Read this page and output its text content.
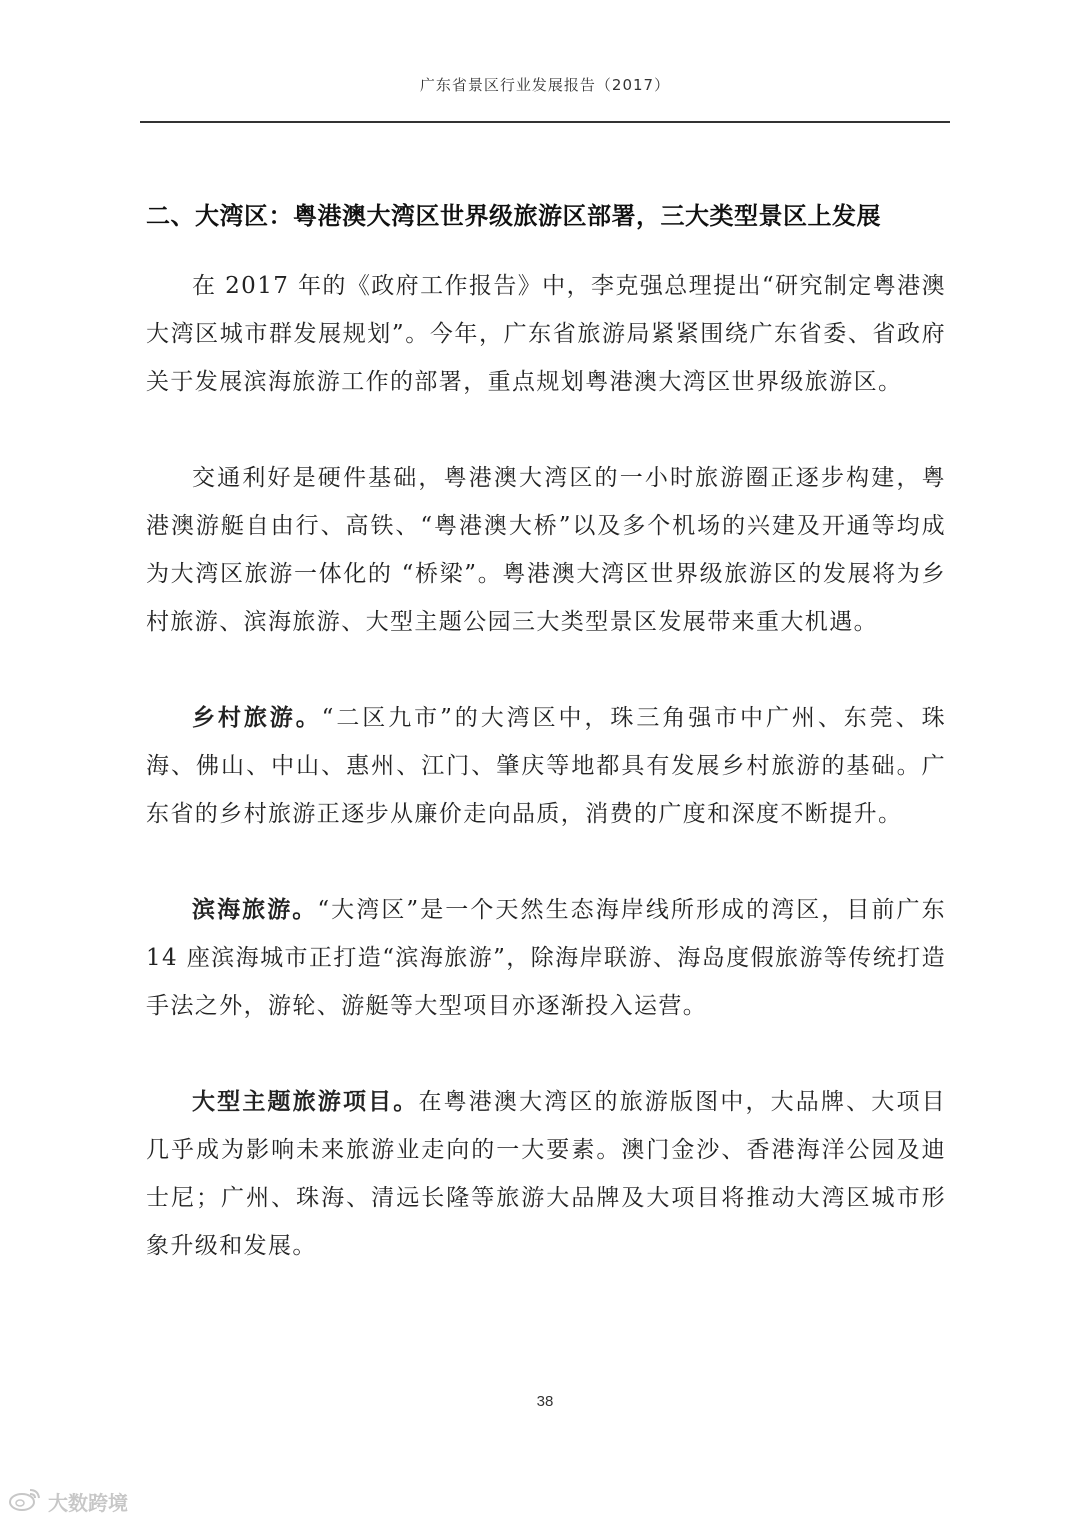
广东省景区行业发展报告（2017）
二、大湾区：粤港澳大湾区世界级旅游区部署，三大类型景区上发展

在 2017 年的《政府工作报告》中，李克强总理提出“研究制定粤港澳大湾区城市群发展规划”。今年，广东省旅游局紧紧围绕广东省委、省政府关于发展滨海旅游工作的部署，重点规划粤港澳大湾区世界级旅游区。

交通利好是硬件基础，粤港澳大湾区的一小时旅游圈正逐步构建，粤港澳游艇自由行、高铁、“粤港澳大桥”以及多个机场的兴建及开通等均成为大湾区旅游一体化的 “桥梁”。粤港澳大湾区世界级旅游区的发展将为乡村旅游、滨海旅游、大型主题公园三大类型景区发展带来重大机遇。

乡村旅游。“二区九市”的大湾区中，珠三角强市中广州、东莞、珠海、佛山、中山、惠州、江门、肇庆等地都具有发展乡村旅游的基础。广东省的乡村旅游正逐步从廉价走向品质，消费的广度和深度不断提升。

滨海旅游。“大湾区”是一个天然生态海岸线所形成的湾区，目前广东 14 座滨海城市正打造“滨海旅游”，除海岸联游、海岛度假旅游等传统打造手法之外，游轮、游艇等大型项目亦逐渐投入运营。

大型主题旅游项目。在粤港澳大湾区的旅游版图中，大品牌、大项目几乎成为影响未来旅游业走向的一大要素。澳门金沙、香港海洋公园及迪士尼；广州、珠海、清远长隆等旅游大品牌及大项目将推动大湾区城市形象升级和发展。

38
大数跨境
